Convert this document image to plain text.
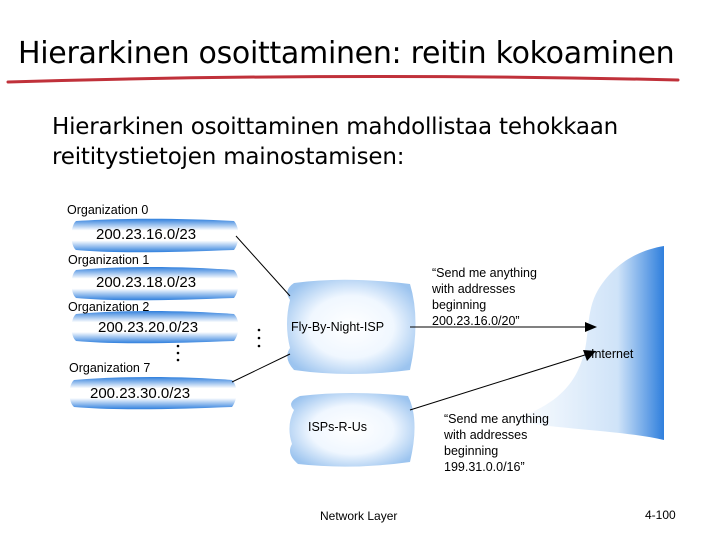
Hierarkinen osoittaminen: reitin kokoaminen
Hierarkinen osoittaminen mahdollistaa tehokkaan reititystietojen mainostamisen:
Organization 0
200.23.16.0/23
Organization 1
200.23.18.0/23
Organization 2
200.23.20.0/23
Organization 7
200.23.30.0/23
Fly-By-Night-ISP
ISPs-R-Us
Internet
“Send me anything
with addresses
beginning
200.23.16.0/20”
“Send me anything
with addresses
beginning
199.31.0.0/16”
Network Layer	4-100
